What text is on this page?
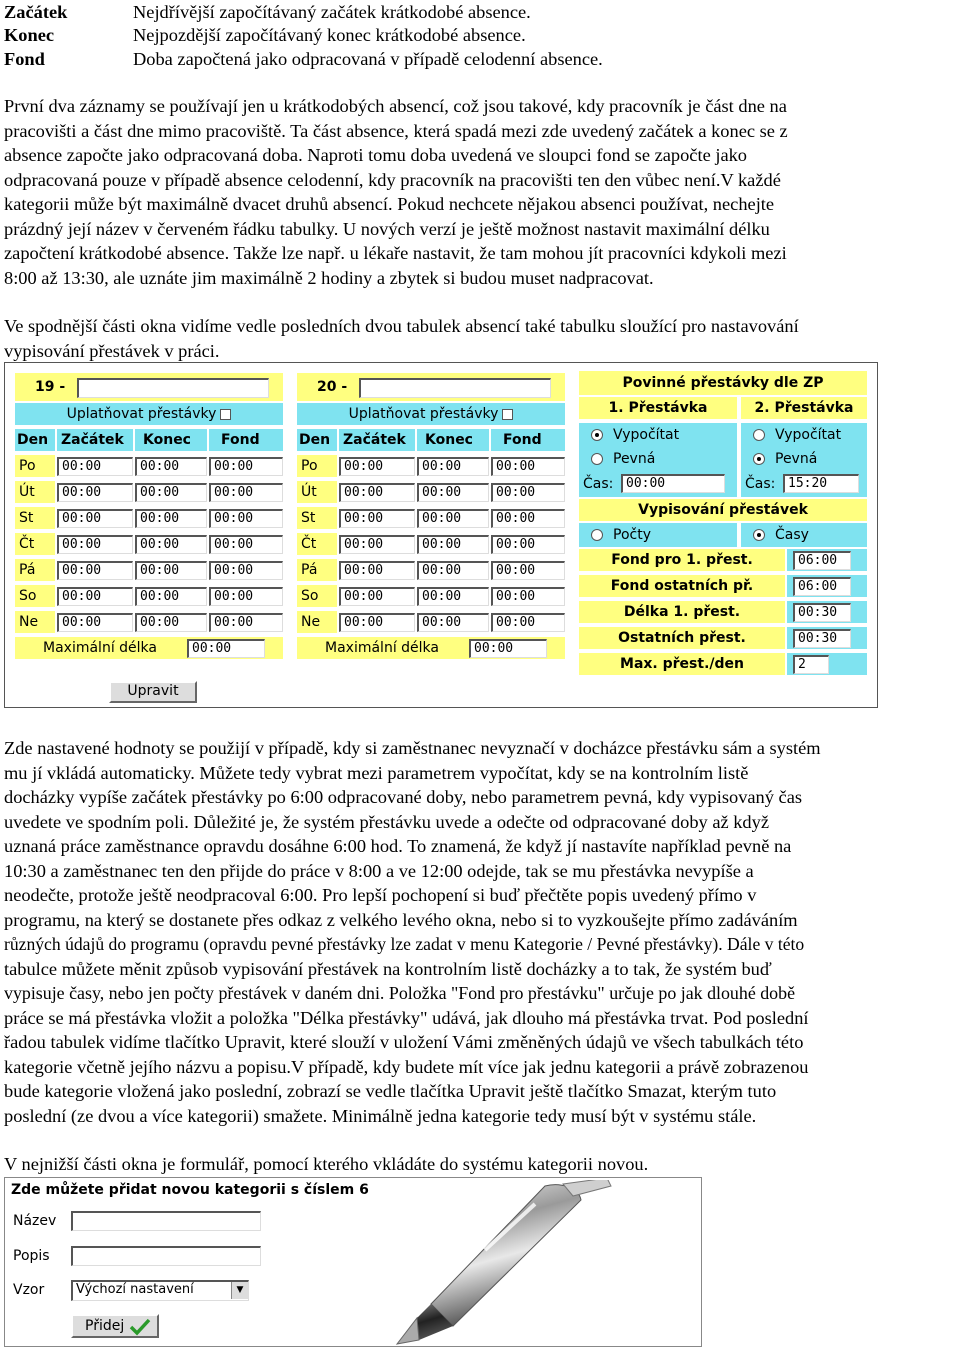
Začátek	Nejdřívější započítávaný začátek krátkodobé absence.
Konec	Nejpozdější započítávaný konec krátkodobé absence.
Fond	Doba započtená jako odpracovaná v případě celodenní absence.
První dva záznamy se používají jen u krátkodobých absencí, což jsou takové, kdy pracovník je část dne na
pracovišti a část dne mimo pracoviště. Ta část absence, která spadá mezi zde uvedený začátek a konec se z
absence započte jako odpracovaná doba. Naproti tomu doba uvedená ve sloupci fond se započte jako
odpracovaná pouze v případě absence celodenní, kdy pracovník na pracovišti ten den vůbec není.V každé
kategorii může být maximálně dvacet druhů absencí. Pokud nechcete nějakou absenci používat, nechejte
prázdný její název v červeném řádku tabulky. U nových verzí je ještě možnost nastavit maximální délku
započtení krátkodobé absence. Takže lze např. u lékaře nastavit, že tam mohou jít pracovníci kdykoli mezi
8:00 až 13:30, ale uznáte jim maximálně 2 hodiny a zbytek si budou muset nadpracovat.
Ve spodnější části okna vidíme vedle posledních dvou tabulek absencí také tabulku sloužící pro nastavování
vypisování přestávek v práci.
19 -
Uplatňovat přestávky
Den Začátek	Konec	Fond
Po	00:00	00:00	00:00
Út	00:00	00:00	00:00
St	00:00	00:00	00:00
Čt	00:00	00:00	00:00
Pá	00:00	00:00	00:00
So	00:00	00:00	00:00
Ne	00:00	00:00	00:00
Maximální délka	00:00
20 -
Uplatňovat přestávky
Den Začátek	Konec	Fond
Po	00:00	00:00	00:00
Út	00:00	00:00	00:00
St	00:00	00:00	00:00
Čt	00:00	00:00	00:00
Pá	00:00	00:00	00:00
So	00:00	00:00	00:00
Ne	00:00	00:00	00:00
Maximální délka	00:00
Povinné přestávky dle ZP
1. Přestávka	2. Přestávka
Vypočítat	Vypočítat
Pevná	Pevná
Čas: 00:00	Čas: 15:20
Vypisování přestávek
Počty	Časy
Fond pro 1. přest.	06:00
Fond ostatních př.	06:00
Délka 1. přest.	00:30
Ostatních přest.	00:30
Max. přest./den	2
Upravit
Zde nastavené hodnoty se použijí v případě, kdy si zaměstnanec nevyznačí v docházce přestávku sám a systém
mu jí vkládá automaticky. Můžete tedy vybrat mezi parametrem vypočítat, kdy se na kontrolním listě
docházky vypíše začátek přestávky po 6:00 odpracované doby, nebo parametrem pevná, kdy vypisovaný čas
uvedete ve spodním poli. Důležité je, že systém přestávku uvede a odečte od odpracované doby až když
uznaná práce zaměstnance opravdu dosáhne 6:00 hod. To znamená, že když jí nastavíte například pevně na
10:30 a zaměstnanec ten den přijde do práce v 8:00 a ve 12:00 odejde, tak se mu přestávka nevypíše a
neodečte, protože ještě neodpracoval 6:00. Pro lepší pochopení si buď přečtěte popis uvedený přímo v
programu, na který se dostanete přes odkaz z velkého levého okna, nebo si to vyzkoušejte přímo zadáváním
různých údajů do programu (opravdu pevné přestávky lze zadat v menu Kategorie / Pevné přestávky). Dále v této
tabulce můžete měnit způsob vypisování přestávek na kontrolním listě docházky a to tak, že systém buď
vypisuje časy, nebo jen počty přestávek v daném dni. Položka "Fond pro přestávku" určuje po jak dlouhé době
práce se má přestávka vložit a položka "Délka přestávky" udává, jak dlouho má přestávka trvat. Pod poslední
řadou tabulek vidíme tlačítko Upravit, které slouží v uložení Vámi změněných údajů ve všech tabulkách této
kategorie včetně jejího názvu a popisu.V případě, kdy budete mít více jak jednu kategorii a právě zobrazenou
bude kategorie vložená jako poslední, zobrazí se vedle tlačítka Upravit ještě tlačítko Smazat, kterým tuto
poslední (ze dvou a více kategorii) smažete. Minimálně jedna kategorie tedy musí být v systému stále.
V nejnižší části okna je formulář, pomocí kterého vkládáte do systému kategorii novou.
Zde můžete přidat novou kategorii s číslem 6
Název
Popis
Vzor	Výchozí nastavení	▼
Přidej
